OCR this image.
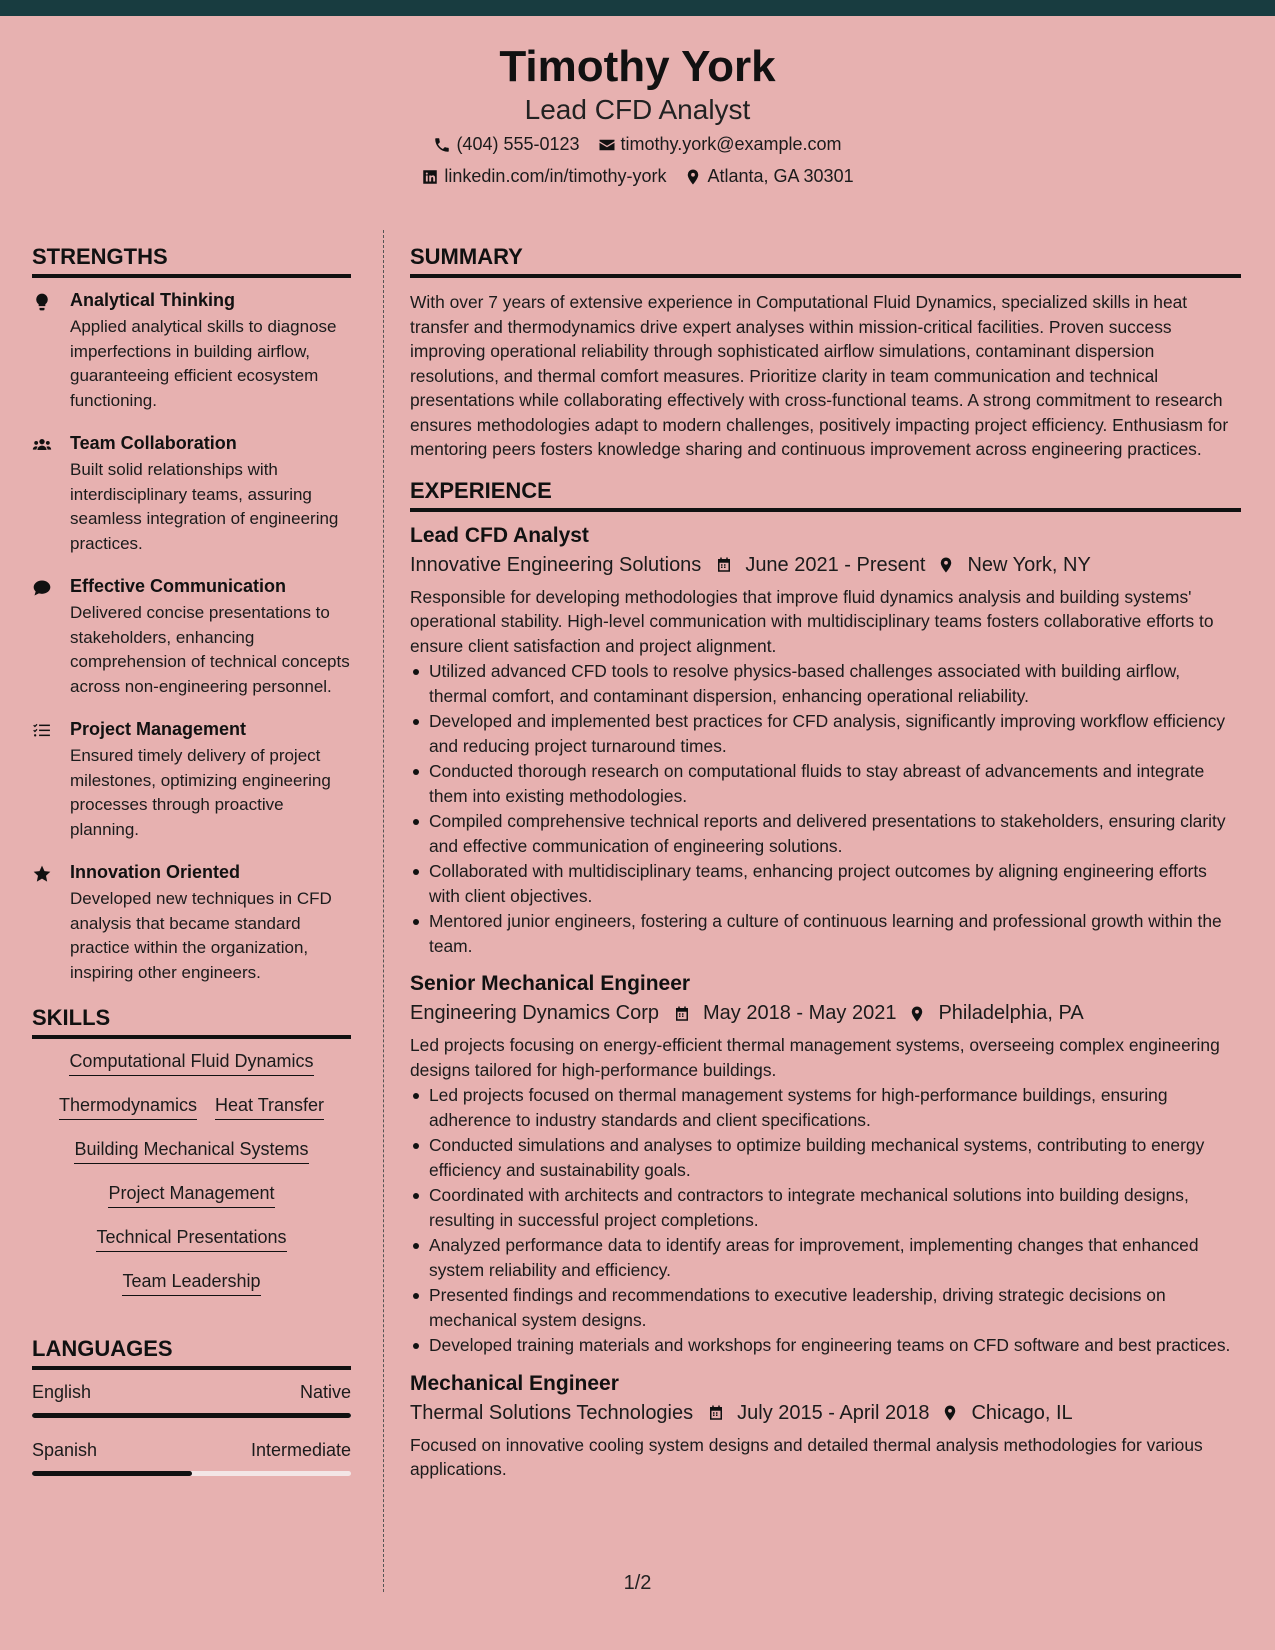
Timothy York
Lead CFD Analyst
(404) 555-0123 timothy.york@example.com
linkedin.com/in/timothy-york Atlanta, GA 30301
STRENGTHS
Analytical Thinking
Applied analytical skills to diagnose imperfections in building airflow, guaranteeing efficient ecosystem functioning.
Team Collaboration
Built solid relationships with interdisciplinary teams, assuring seamless integration of engineering practices.
Effective Communication
Delivered concise presentations to stakeholders, enhancing comprehension of technical concepts across non-engineering personnel.
Project Management
Ensured timely delivery of project milestones, optimizing engineering processes through proactive planning.
Innovation Oriented
Developed new techniques in CFD analysis that became standard practice within the organization, inspiring other engineers.
SKILLS
Computational Fluid Dynamics
Thermodynamics Heat Transfer
Building Mechanical Systems
Project Management
Technical Presentations
Team Leadership
LANGUAGES
English	Native
Spanish	Intermediate
SUMMARY
With over 7 years of extensive experience in Computational Fluid Dynamics, specialized skills in heat transfer and thermodynamics drive expert analyses within mission-critical facilities. Proven success improving operational reliability through sophisticated airflow simulations, contaminant dispersion resolutions, and thermal comfort measures. Prioritize clarity in team communication and technical presentations while collaborating effectively with cross-functional teams. A strong commitment to research ensures methodologies adapt to modern challenges, positively impacting project efficiency. Enthusiasm for mentoring peers fosters knowledge sharing and continuous improvement across engineering practices.
EXPERIENCE
Lead CFD Analyst
Innovative Engineering Solutions June 2021 - Present New York, NY
Responsible for developing methodologies that improve fluid dynamics analysis and building systems' operational stability. High-level communication with multidisciplinary teams fosters collaborative efforts to ensure client satisfaction and project alignment.
Utilized advanced CFD tools to resolve physics-based challenges associated with building airflow, thermal comfort, and contaminant dispersion, enhancing operational reliability.
Developed and implemented best practices for CFD analysis, significantly improving workflow efficiency and reducing project turnaround times.
Conducted thorough research on computational fluids to stay abreast of advancements and integrate them into existing methodologies.
Compiled comprehensive technical reports and delivered presentations to stakeholders, ensuring clarity and effective communication of engineering solutions.
Collaborated with multidisciplinary teams, enhancing project outcomes by aligning engineering efforts with client objectives.
Mentored junior engineers, fostering a culture of continuous learning and professional growth within the team.
Senior Mechanical Engineer
Engineering Dynamics Corp May 2018 - May 2021 Philadelphia, PA
Led projects focusing on energy-efficient thermal management systems, overseeing complex engineering designs tailored for high-performance buildings.
Led projects focused on thermal management systems for high-performance buildings, ensuring adherence to industry standards and client specifications.
Conducted simulations and analyses to optimize building mechanical systems, contributing to energy efficiency and sustainability goals.
Coordinated with architects and contractors to integrate mechanical solutions into building designs, resulting in successful project completions.
Analyzed performance data to identify areas for improvement, implementing changes that enhanced system reliability and efficiency.
Presented findings and recommendations to executive leadership, driving strategic decisions on mechanical system designs.
Developed training materials and workshops for engineering teams on CFD software and best practices.
Mechanical Engineer
Thermal Solutions Technologies July 2015 - April 2018 Chicago, IL
Focused on innovative cooling system designs and detailed thermal analysis methodologies for various applications.
1/2
